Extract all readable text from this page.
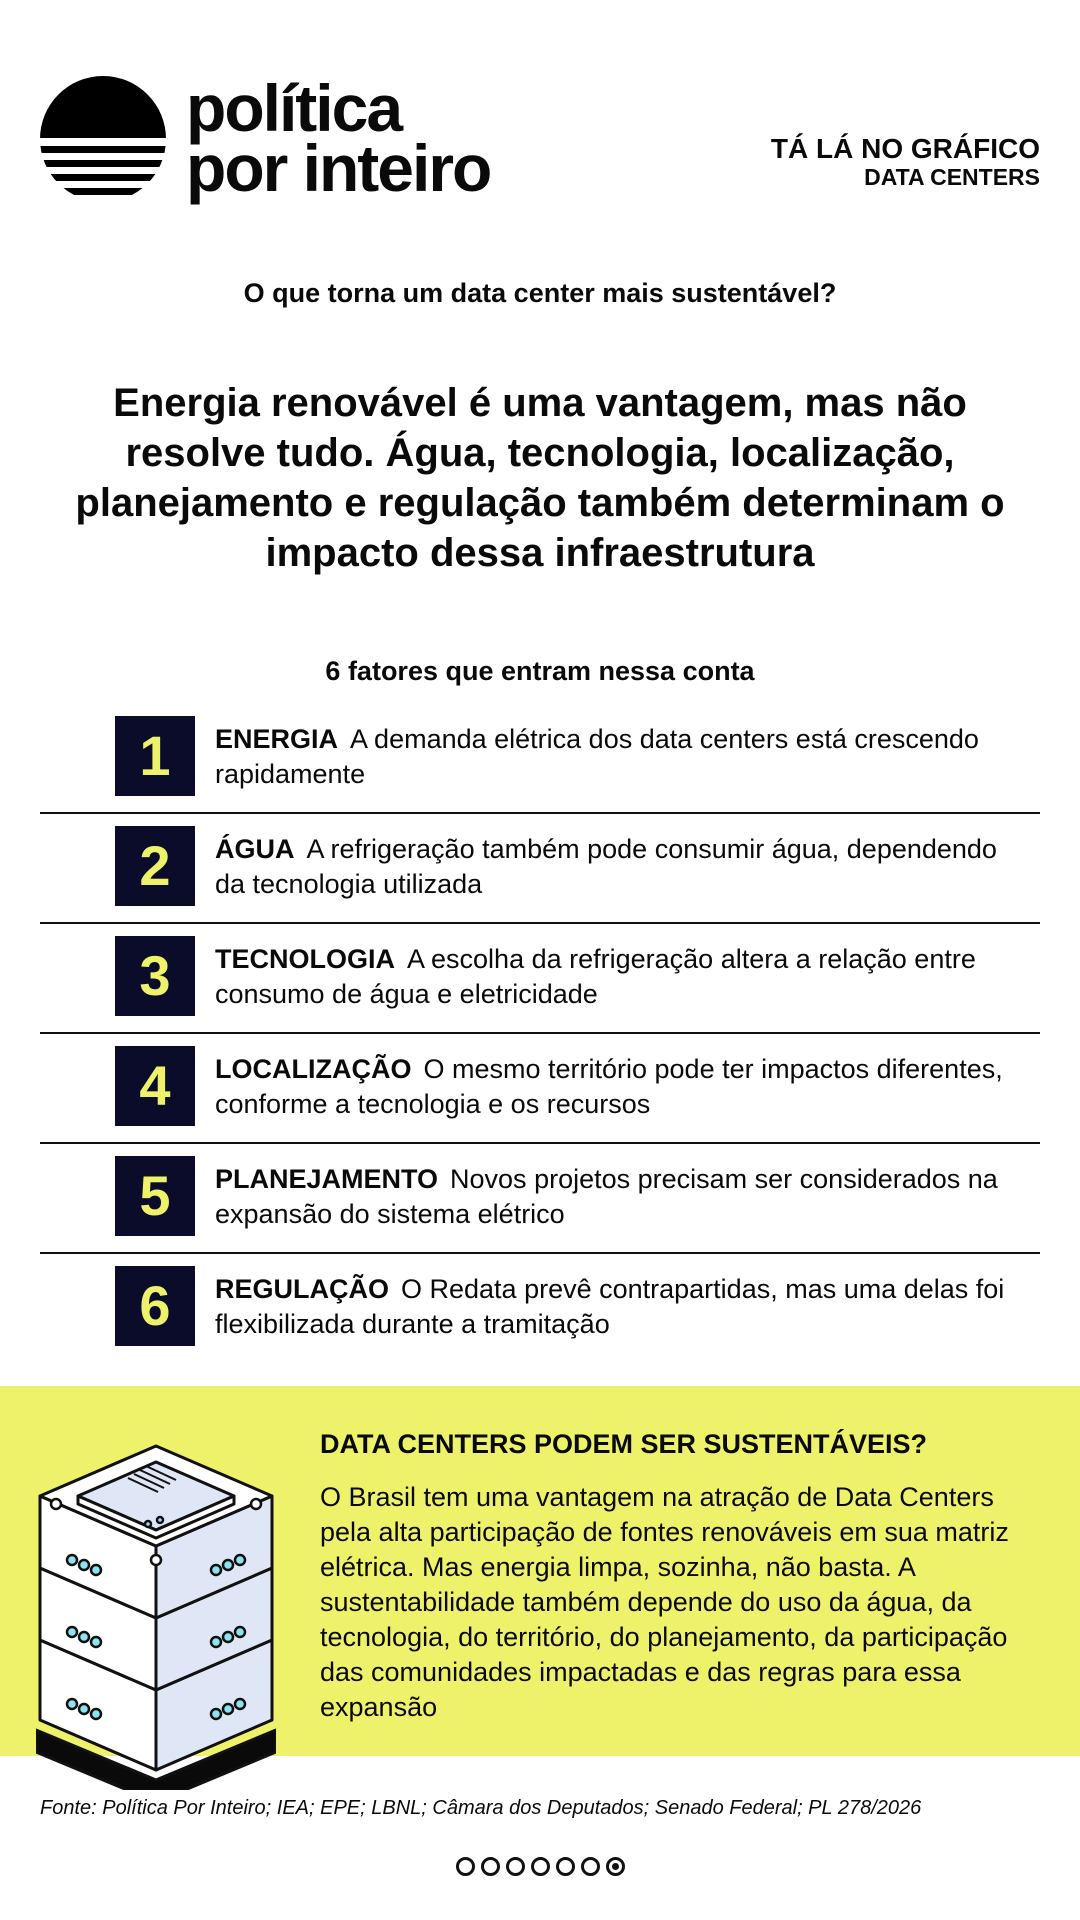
política
por inteiro	TÁ LÁ NO GRÁFICO
DATA CENTERS
O que torna um data center mais sustentável?
Energia renovável é uma vantagem, mas não resolve tudo. Água, tecnologia, localização, planejamento e regulação também determinam o impacto dessa infraestrutura
6 fatores que entram nessa conta
1	ENERGIA A demanda elétrica dos data centers está crescendo rapidamente
2	ÁGUA A refrigeração também pode consumir água, dependendo da tecnologia utilizada
3	TECNOLOGIA A escolha da refrigeração altera a relação entre consumo de água e eletricidade
4	LOCALIZAÇÃO O mesmo território pode ter impactos diferentes, conforme a tecnologia e os recursos
5	PLANEJAMENTO Novos projetos precisam ser considerados na expansão do sistema elétrico
6	REGULAÇÃO O Redata prevê contrapartidas, mas uma delas foi flexibilizada durante a tramitação
DATA CENTERS PODEM SER SUSTENTÁVEIS?
O Brasil tem uma vantagem na atração de Data Centers pela alta participação de fontes renováveis em sua matriz elétrica. Mas energia limpa, sozinha, não basta. A sustentabilidade também depende do uso da água, da tecnologia, do território, do planejamento, da participação das comunidades impactadas e das regras para essa expansão
Fonte: Política Por Inteiro; IEA; EPE; LBNL; Câmara dos Deputados; Senado Federal; PL 278/2026
